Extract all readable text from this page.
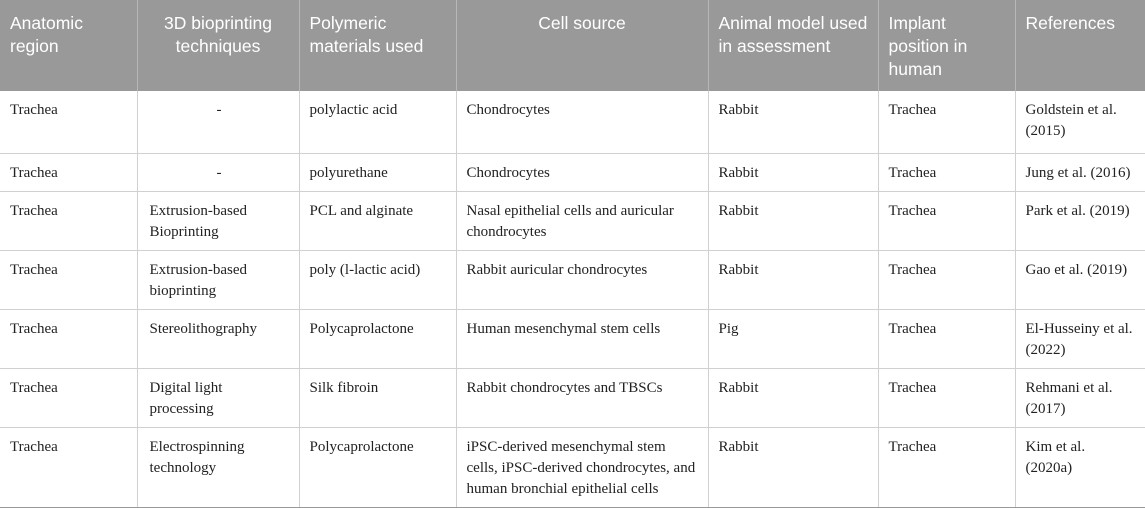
Anatomic region	3D bioprinting techniques	Polymeric materials used	Cell source	Animal model used in assessment	Implant position in human	References
Trachea	-	polylactic acid	Chondrocytes	Rabbit	Trachea	Goldstein et al. (2015)
Trachea	-	polyurethane	Chondrocytes	Rabbit	Trachea	Jung et al. (2016)
Trachea	Extrusion-based Bioprinting	PCL and alginate	Nasal epithelial cells and auricular chondrocytes	Rabbit	Trachea	Park et al. (2019)
Trachea	Extrusion-based bioprinting	poly (l-lactic acid)	Rabbit auricular chondrocytes	Rabbit	Trachea	Gao et al. (2019)
Trachea	Stereolithography	Polycaprolactone	Human mesenchymal stem cells	Pig	Trachea	El-Husseiny et al. (2022)
Trachea	Digital light processing	Silk fibroin	Rabbit chondrocytes and TBSCs	Rabbit	Trachea	Rehmani et al. (2017)
Trachea	Electrospinning technology	Polycaprolactone	iPSC-derived mesenchymal stem cells, iPSC-derived chondrocytes, and human bronchial epithelial cells	Rabbit	Trachea	Kim et al. (2020a)
